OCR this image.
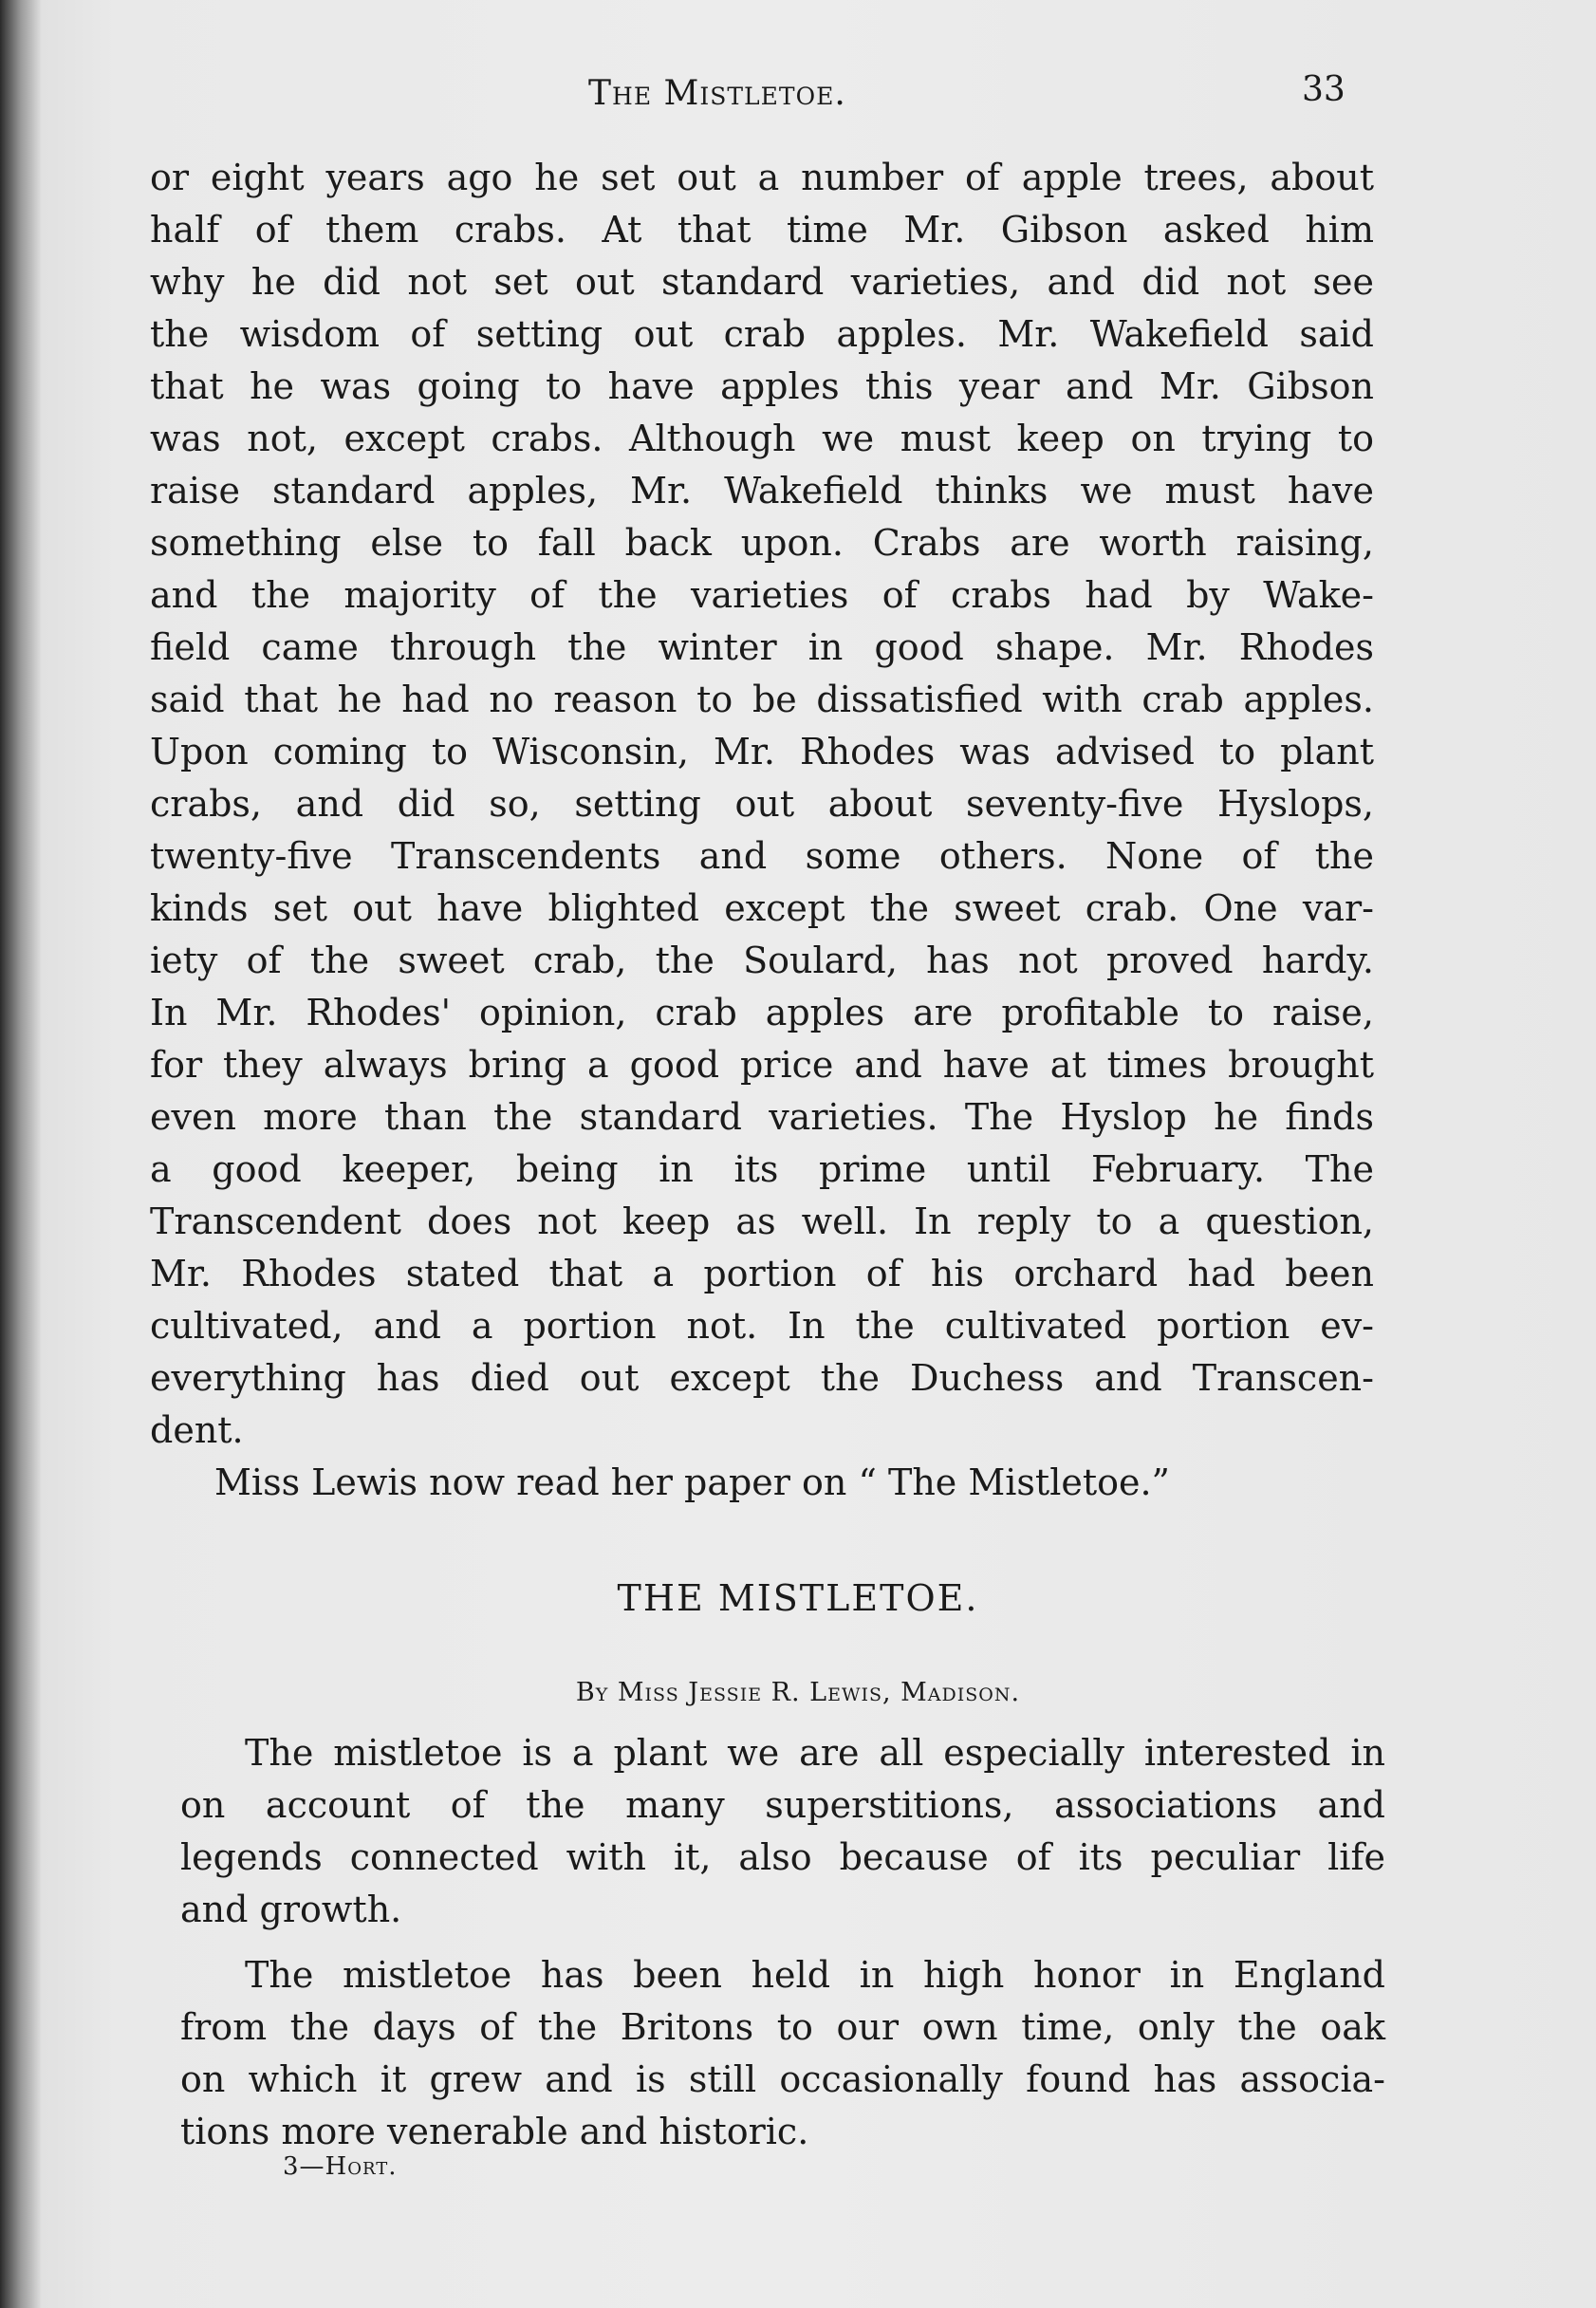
The Mistletoe.	33
or eight years ago he set out a number of apple trees, about
half of them crabs. At that time Mr. Gibson asked him
why he did not set out standard varieties, and did not see
the wisdom of setting out crab apples. Mr. Wakefield said
that he was going to have apples this year and Mr. Gibson
was not, except crabs. Although we must keep on trying to
raise standard apples, Mr. Wakefield thinks we must have
something else to fall back upon. Crabs are worth raising,
and the majority of the varieties of crabs had by Wake-
field came through the winter in good shape. Mr. Rhodes
said that he had no reason to be dissatisfied with crab apples.
Upon coming to Wisconsin, Mr. Rhodes was advised to plant
crabs, and did so, setting out about seventy-five Hyslops,
twenty-five Transcendents and some others. None of the
kinds set out have blighted except the sweet crab. One var-
iety of the sweet crab, the Soulard, has not proved hardy.
In Mr. Rhodes' opinion, crab apples are profitable to raise,
for they always bring a good price and have at times brought
even more than the standard varieties. The Hyslop he finds
a good keeper, being in its prime until February. The
Transcendent does not keep as well. In reply to a question,
Mr. Rhodes stated that a portion of his orchard had been
cultivated, and a portion not. In the cultivated portion ev-
everything has died out except the Duchess and Transcen-
dent.
Miss Lewis now read her paper on “ The Mistletoe.”
THE MISTLETOE.
By Miss Jessie R. Lewis, Madison.
The mistletoe is a plant we are all especially interested in
on account of the many superstitions, associations and
legends connected with it, also because of its peculiar life
and growth.
The mistletoe has been held in high honor in England
from the days of the Britons to our own time, only the oak
on which it grew and is still occasionally found has associa-
tions more venerable and historic.
3—Hort.
